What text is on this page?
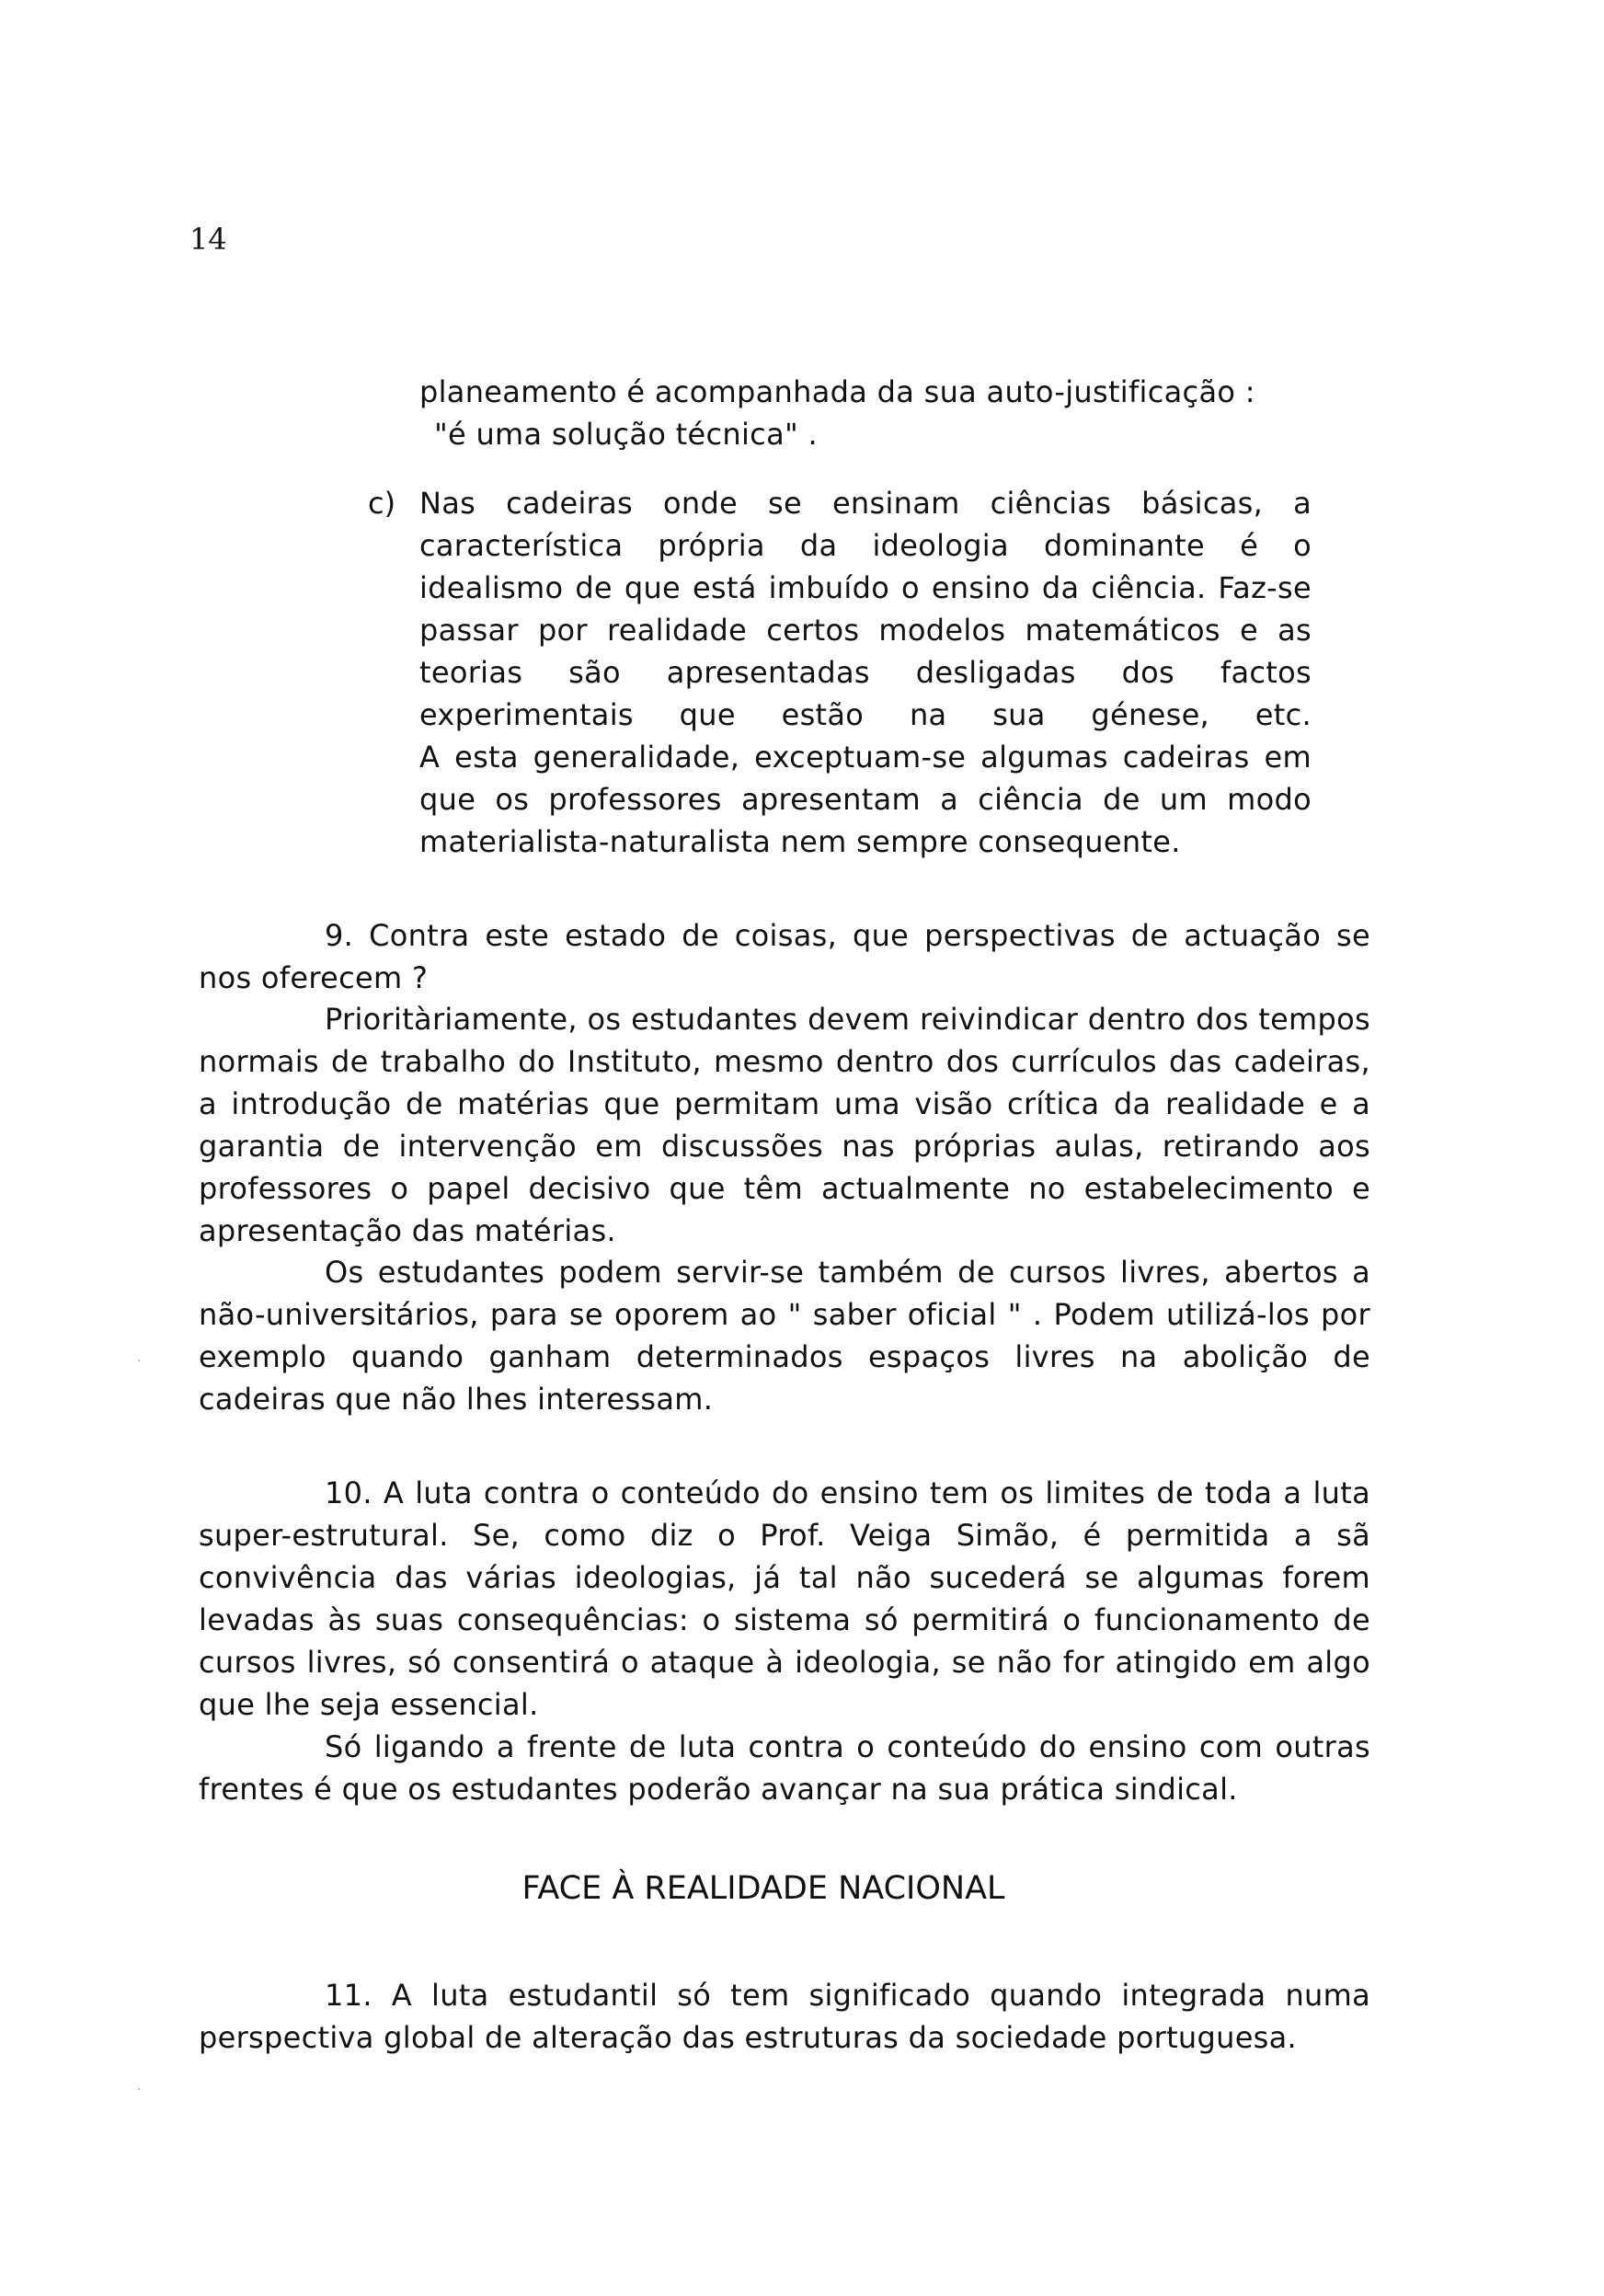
14

planeamento é acompanhada da sua auto-justificação :

"é uma solução técnica" .

c) Nas cadeiras onde se ensinam ciências básicas, a característica própria da ideologia dominante é o idealismo de que está imbuído o ensino da ciência. Faz-se passar por realidade certos modelos matemáticos e as teorias são apresentadas desligadas dos factos experimentais que estão na sua génese, etc.

A esta generalidade, exceptuam-se algumas cadeiras em que os professores apresentam a ciência de um modo materialista-naturalista nem sempre consequente.

9. Contra este estado de coisas, que perspectivas de actuação se nos oferecem ?

Prioritàriamente, os estudantes devem reivindicar dentro dos tempos normais de trabalho do Instituto, mesmo dentro dos currículos das cadeiras, a introdução de matérias que permitam uma visão crítica da realidade e a garantia de intervenção em discussões nas próprias aulas, retirando aos professores o papel decisivo que têm actualmente no estabelecimento e apresentação das matérias.

Os estudantes podem servir-se também de cursos livres, abertos a não-universitários, para se oporem ao " saber oficial " . Podem utilizá-los por exemplo quando ganham determinados espaços livres na abolição de cadeiras que não lhes interessam.

10. A luta contra o conteúdo do ensino tem os limites de toda a luta super-estrutural. Se, como diz o Prof. Veiga Simão, é permitida a sã convivência das várias ideologias, já tal não sucederá se algumas forem levadas às suas consequências: o sistema só permitirá o funcionamento de cursos livres, só consentirá o ataque à ideologia, se não for atingido em algo que lhe seja essencial.

Só ligando a frente de luta contra o conteúdo do ensino com outras frentes é que os estudantes poderão avançar na sua prática sindical.

FACE À REALIDADE NACIONAL

11. A luta estudantil só tem significado quando integrada numa perspectiva global de alteração das estruturas da sociedade portuguesa.
